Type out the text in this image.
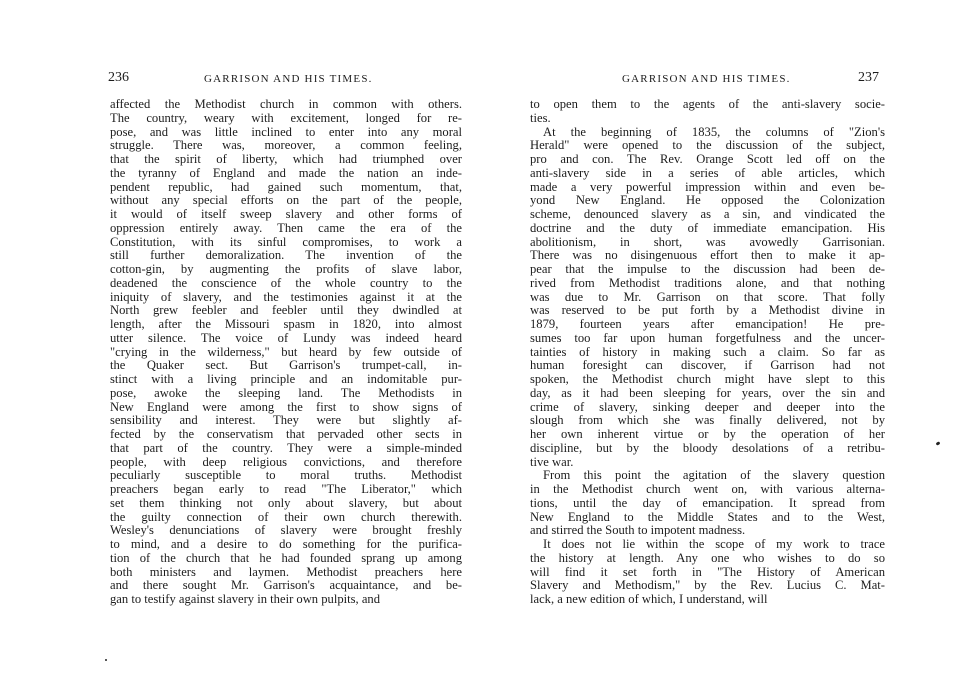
236	GARRISON AND HIS TIMES.	GARRISON AND HIS TIMES.	237
affected the Methodist church in common with others.
The country, weary with excitement, longed for re-
pose, and was little inclined to enter into any moral
struggle. There was, moreover, a common feeling,
that the spirit of liberty, which had triumphed over
the tyranny of England and made the nation an inde-
pendent republic, had gained such momentum, that,
without any special efforts on the part of the people,
it would of itself sweep slavery and other forms of
oppression entirely away. Then came the era of the
Constitution, with its sinful compromises, to work a
still further demoralization. The invention of the
cotton-gin, by augmenting the profits of slave labor,
deadened the conscience of the whole country to the
iniquity of slavery, and the testimonies against it at the
North grew feebler and feebler until they dwindled at
length, after the Missouri spasm in 1820, into almost
utter silence. The voice of Lundy was indeed heard
"crying in the wilderness," but heard by few outside of
the Quaker sect. But Garrison's trumpet-call, in-
stinct with a living principle and an indomitable pur-
pose, awoke the sleeping land. The Methodists in
New England were among the first to show signs of
sensibility and interest. They were but slightly af-
fected by the conservatism that pervaded other sects in
that part of the country. They were a simple-minded
people, with deep religious convictions, and therefore
peculiarly susceptible to moral truths. Methodist
preachers began early to read "The Liberator," which
set them thinking not only about slavery, but about
the guilty connection of their own church therewith.
Wesley's denunciations of slavery were brought freshly
to mind, and a desire to do something for the purifica-
tion of the church that he had founded sprang up among
both ministers and laymen. Methodist preachers here
and there sought Mr. Garrison's acquaintance, and be-
gan to testify against slavery in their own pulpits, and
to open them to the agents of the anti-slavery socie-
ties.
At the beginning of 1835, the columns of "Zion's
Herald" were opened to the discussion of the subject,
pro and con. The Rev. Orange Scott led off on the
anti-slavery side in a series of able articles, which
made a very powerful impression within and even be-
yond New England. He opposed the Colonization
scheme, denounced slavery as a sin, and vindicated the
doctrine and the duty of immediate emancipation. His
abolitionism, in short, was avowedly Garrisonian.
There was no disingenuous effort then to make it ap-
pear that the impulse to the discussion had been de-
rived from Methodist traditions alone, and that nothing
was due to Mr. Garrison on that score. That folly
was reserved to be put forth by a Methodist divine in
1879, fourteen years after emancipation! He pre-
sumes too far upon human forgetfulness and the uncer-
tainties of history in making such a claim. So far as
human foresight can discover, if Garrison had not
spoken, the Methodist church might have slept to this
day, as it had been sleeping for years, over the sin and
crime of slavery, sinking deeper and deeper into the
slough from which she was finally delivered, not by
her own inherent virtue or by the operation of her
discipline, but by the bloody desolations of a retribu-
tive war.
From this point the agitation of the slavery question
in the Methodist church went on, with various alterna-
tions, until the day of emancipation. It spread from
New England to the Middle States and to the West,
and stirred the South to impotent madness.
It does not lie within the scope of my work to trace
the history at length. Any one who wishes to do so
will find it set forth in "The History of American
Slavery and Methodism," by the Rev. Lucius C. Mat-
lack, a new edition of which, I understand, will
